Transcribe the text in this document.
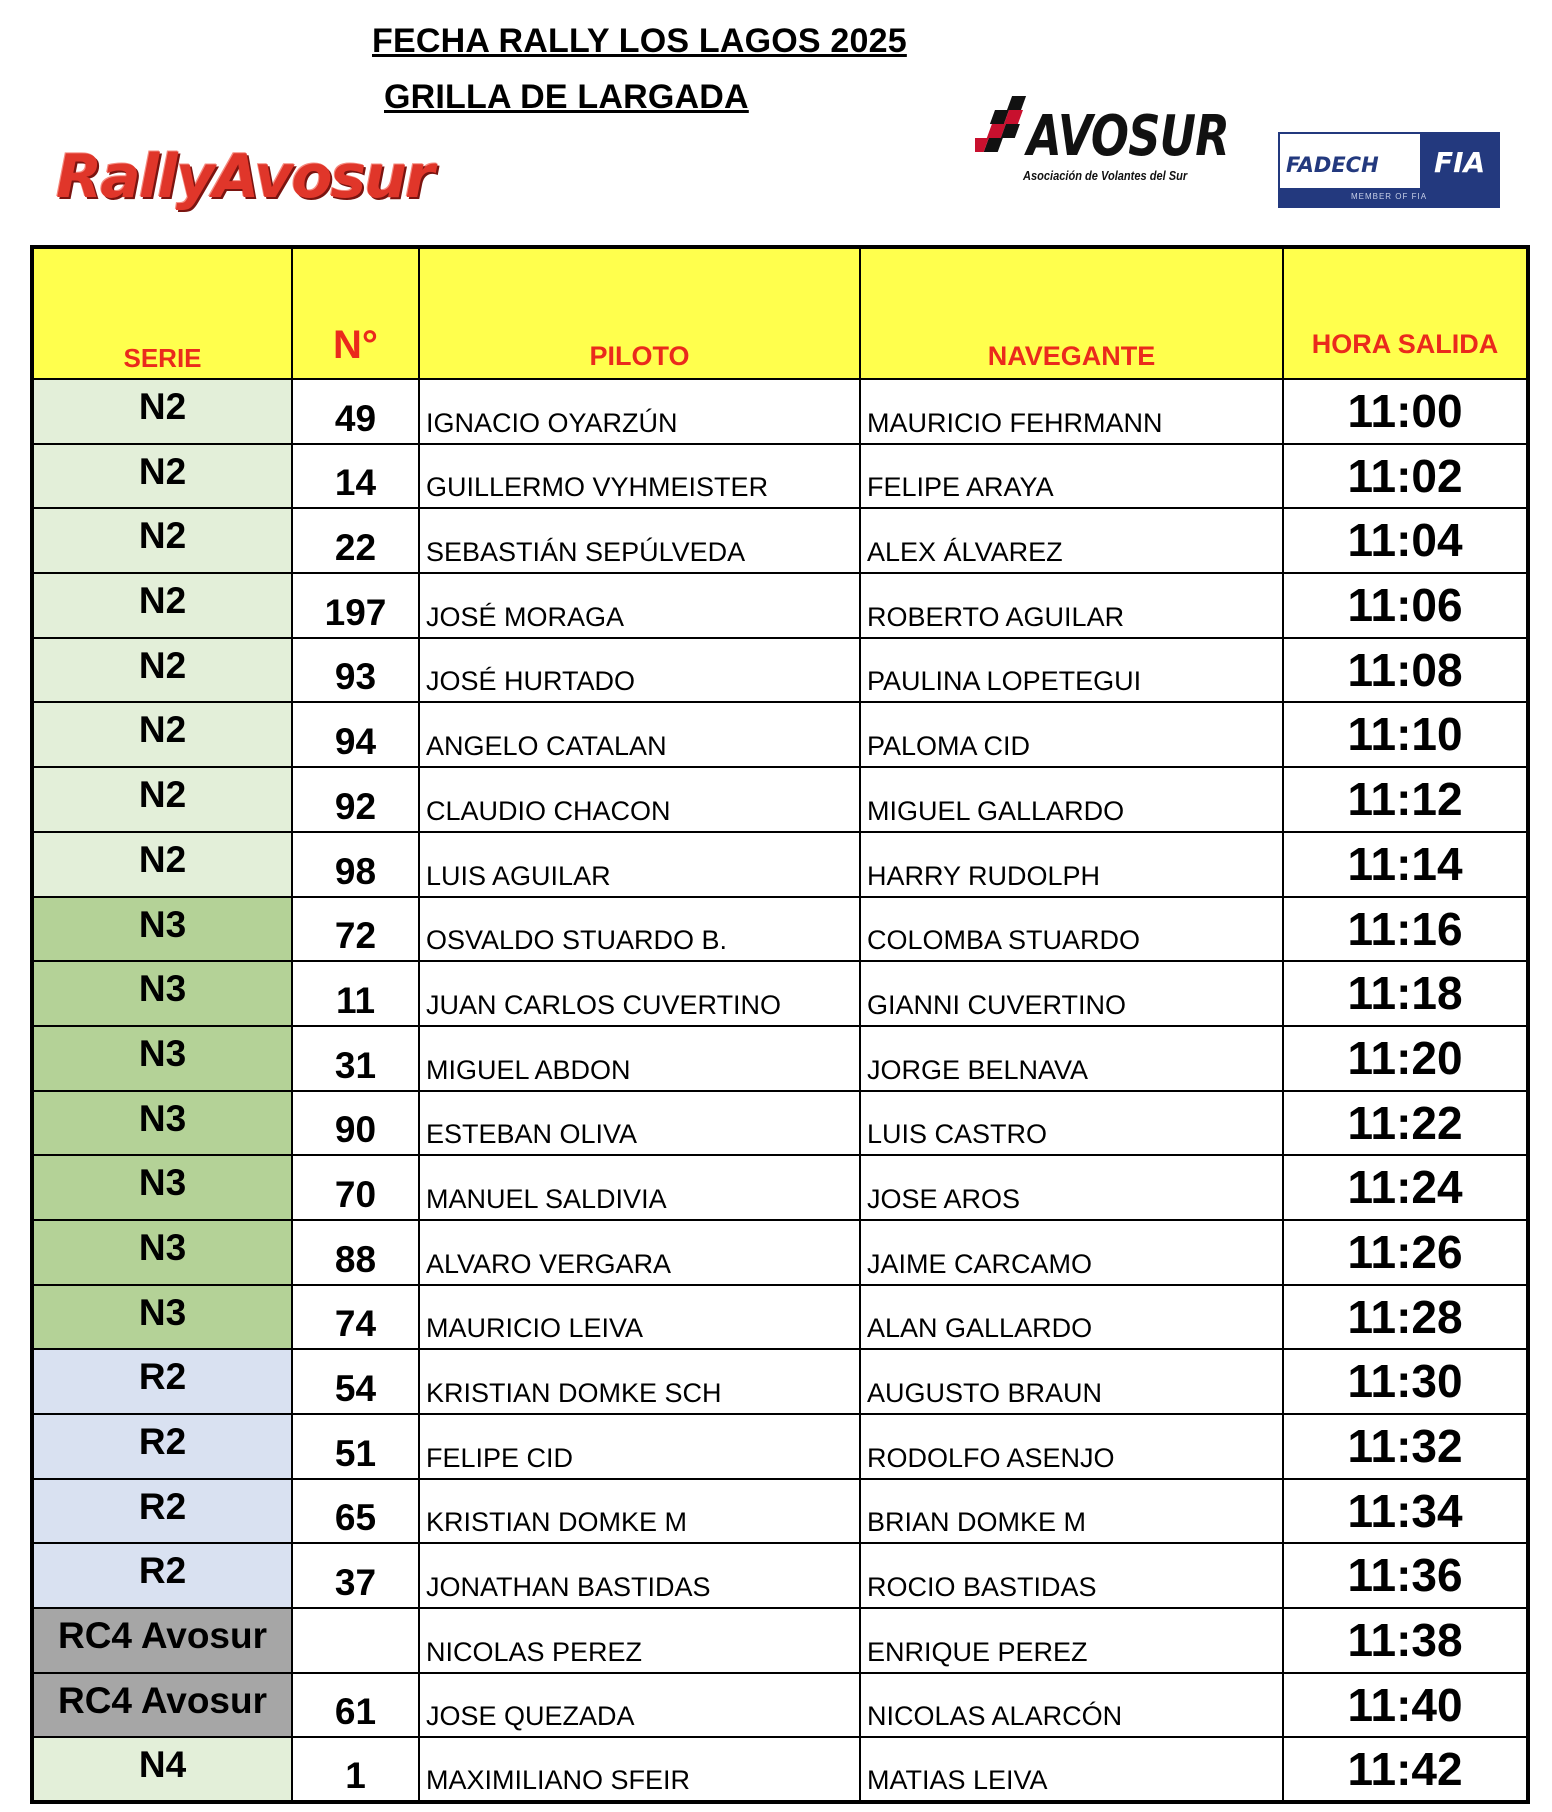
FECHA RALLY LOS LAGOS 2025
GRILLA DE LARGADA
RallyAvosur
AVOSUR
Asociación de Volantes del Sur	FADECH FIA
MEMBER OF FIA
SERIE	N°	PILOTO	NAVEGANTE	HORA SALIDA
N2	49	IGNACIO OYARZÚN	MAURICIO FEHRMANN	11:00
N2	14	GUILLERMO VYHMEISTER	FELIPE ARAYA	11:02
N2	22	SEBASTIÁN SEPÚLVEDA	ALEX ÁLVAREZ	11:04
N2	197	JOSÉ MORAGA	ROBERTO AGUILAR	11:06
N2	93	JOSÉ HURTADO	PAULINA LOPETEGUI	11:08
N2	94	ANGELO CATALAN	PALOMA CID	11:10
N2	92	CLAUDIO CHACON	MIGUEL GALLARDO	11:12
N2	98	LUIS AGUILAR	HARRY RUDOLPH	11:14
N3	72	OSVALDO STUARDO B.	COLOMBA STUARDO	11:16
N3	11	JUAN CARLOS CUVERTINO	GIANNI CUVERTINO	11:18
N3	31	MIGUEL ABDON	JORGE BELNAVA	11:20
N3	90	ESTEBAN OLIVA	LUIS CASTRO	11:22
N3	70	MANUEL SALDIVIA	JOSE AROS	11:24
N3	88	ALVARO VERGARA	JAIME CARCAMO	11:26
N3	74	MAURICIO LEIVA	ALAN GALLARDO	11:28
R2	54	KRISTIAN DOMKE SCH	AUGUSTO BRAUN	11:30
R2	51	FELIPE CID	RODOLFO ASENJO	11:32
R2	65	KRISTIAN DOMKE M	BRIAN DOMKE M	11:34
R2	37	JONATHAN BASTIDAS	ROCIO BASTIDAS	11:36
RC4 Avosur		NICOLAS PEREZ	ENRIQUE PEREZ	11:38
RC4 Avosur	61	JOSE QUEZADA	NICOLAS ALARCÓN	11:40
N4	1	MAXIMILIANO SFEIR	MATIAS LEIVA	11:42
